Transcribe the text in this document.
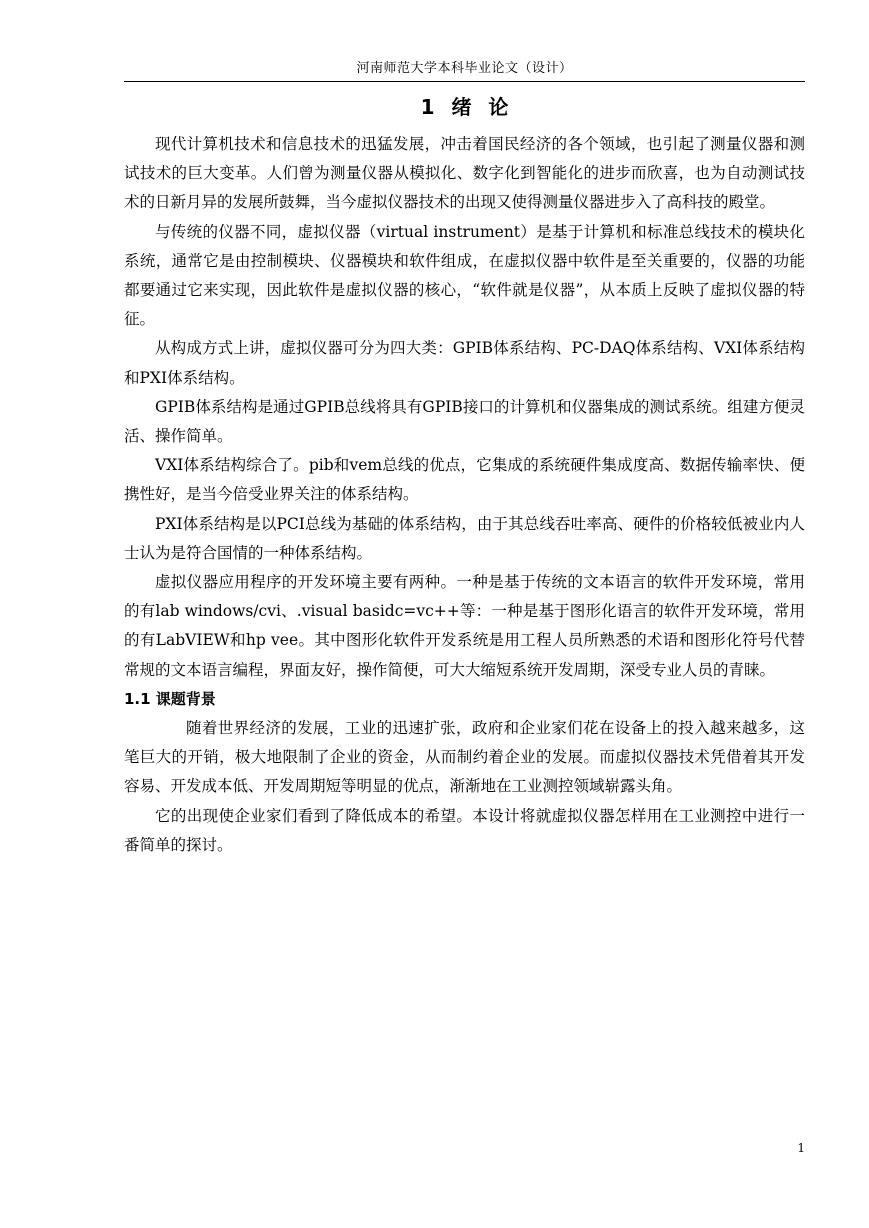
河南师范大学本科毕业论文（设计）
1 绪 论

现代计算机技术和信息技术的迅猛发展，冲击着国民经济的各个领域，也引起了测量仪器和测试技术的巨大变革。人们曾为测量仪器从模拟化、数字化到智能化的进步而欣喜，也为自动测试技术的日新月异的发展所鼓舞，当今虚拟仪器技术的出现又使得测量仪器进步入了高科技的殿堂。

与传统的仪器不同，虚拟仪器（virtual instrument）是基于计算机和标准总线技术的模块化系统，通常它是由控制模块、仪器模块和软件组成，在虚拟仪器中软件是至关重要的，仪器的功能都要通过它来实现，因此软件是虚拟仪器的核心，“软件就是仪器”，从本质上反映了虚拟仪器的特征。

从构成方式上讲，虚拟仪器可分为四大类：GPIB体系结构、PC-DAQ体系结构、VXI体系结构和PXI体系结构。

GPIB体系结构是通过GPIB总线将具有GPIB接口的计算机和仪器集成的测试系统。组建方便灵活、操作简单。

VXI体系结构综合了。pib和vem总线的优点，它集成的系统硬件集成度高、数据传输率快、便携性好，是当今倍受业界关注的体系结构。

PXI体系结构是以PCI总线为基础的体系结构，由于其总线吞吐率高、硬件的价格较低被业内人士认为是符合国情的一种体系结构。

虚拟仪器应用程序的开发环境主要有两种。一种是基于传统的文本语言的软件开发环境，常用的有lab windows/cvi、.visual basidc=vc++等：一种是基于图形化语言的软件开发环境，常用的有LabVIEW和hp vee。其中图形化软件开发系统是用工程人员所熟悉的术语和图形化符号代替常规的文本语言编程，界面友好，操作简便，可大大缩短系统开发周期，深受专业人员的青睐。

1.1 课题背景

随着世界经济的发展，工业的迅速扩张，政府和企业家们花在设备上的投入越来越多，这笔巨大的开销，极大地限制了企业的资金，从而制约着企业的发展。而虚拟仪器技术凭借着其开发容易、开发成本低、开发周期短等明显的优点，渐渐地在工业测控领域崭露头角。

它的出现使企业家们看到了降低成本的希望。本设计将就虚拟仪器怎样用在工业测控中进行一番简单的探讨。

1
